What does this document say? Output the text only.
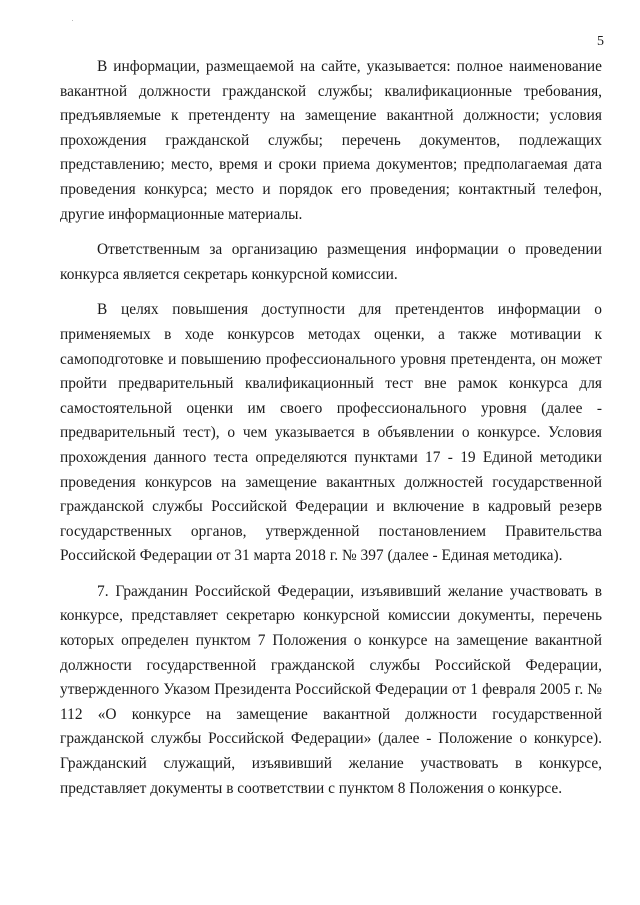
5

В информации, размещаемой на сайте, указывается: полное наименование вакантной должности гражданской службы; квалификационные требования, предъявляемые к претенденту на замещение вакантной должности; условия прохождения гражданской службы; перечень документов, подлежащих представлению; место, время и сроки приема документов; предполагаемая дата проведения конкурса; место и порядок его проведения; контактный телефон, другие информационные материалы.

Ответственным за организацию размещения информации о проведении конкурса является секретарь конкурсной комиссии.

В целях повышения доступности для претендентов информации о применяемых в ходе конкурсов методах оценки, а также мотивации к самоподготовке и повышению профессионального уровня претендента, он может пройти предварительный квалификационный тест вне рамок конкурса для самостоятельной оценки им своего профессионального уровня (далее - предварительный тест), о чем указывается в объявлении о конкурсе. Условия прохождения данного теста определяются пунктами 17 - 19 Единой методики проведения конкурсов на замещение вакантных должностей государственной гражданской службы Российской Федерации и включение в кадровый резерв государственных органов, утвержденной постановлением Правительства Российской Федерации от 31 марта 2018 г. № 397 (далее - Единая методика).

7. Гражданин Российской Федерации, изъявивший желание участвовать в конкурсе, представляет секретарю конкурсной комиссии документы, перечень которых определен пунктом 7 Положения о конкурсе на замещение вакантной должности государственной гражданской службы Российской Федерации, утвержденного Указом Президента Российской Федерации от 1 февраля 2005 г. № 112 «О конкурсе на замещение вакантной должности государственной гражданской службы Российской Федерации» (далее - Положение о конкурсе). Гражданский служащий, изъявивший желание участвовать в конкурсе, представляет документы в соответствии с пунктом 8 Положения о конкурсе.
